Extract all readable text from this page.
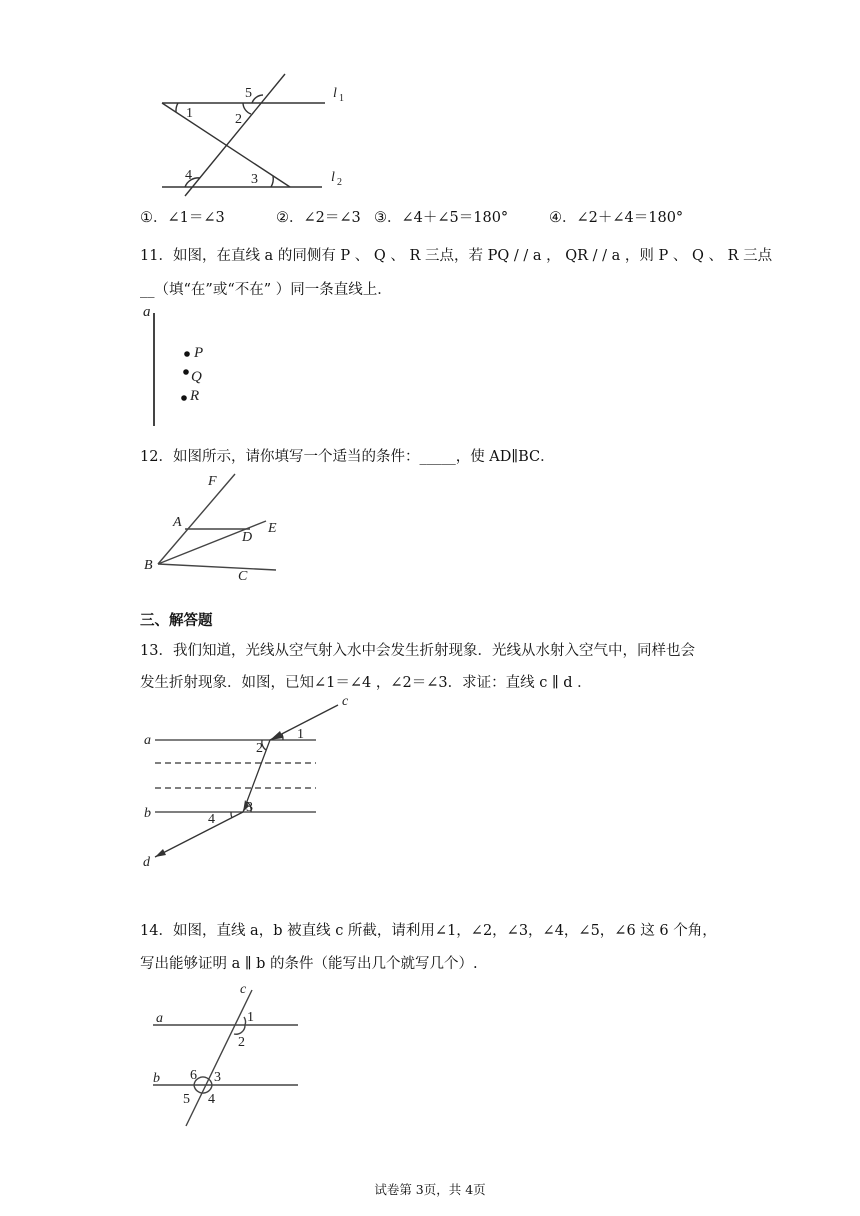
1	2
3
4
5	l 1
l 2
①．∠1＝∠3	②．∠2＝∠3 ③．∠4＋∠5＝180°	④．∠2＋∠4＝180°
11．如图，在直线 a 的同侧有 P 、 Q 、 R 三点，若 PQ / / a ， QR / / a ，则 P 、 Q 、 R 三点
__（填“在”或“不在” ）同一条直线上．
a
P
Q
R
12．如图所示，请你填写一个适当的条件：_____，使 AD∥BC．
F
A
D
E
B
C
三、解答题
13．我们知道，光线从空气射入水中会发生折射现象．光线从水射入空气中，同样也会
发生折射现象．如图，已知∠1＝∠4 ，∠2＝∠3．求证：直线 c ∥ d ．
a
b
c
d
1
2
3
4
14．如图，直线 a，b 被直线 c 所截，请利用∠1，∠2，∠3，∠4，∠5，∠6 这 6 个角，
写出能够证明 a ∥ b 的条件（能写出几个就写几个）.
a
b
c
1
2
3
4
5
6
试卷第 3页，共 4页
